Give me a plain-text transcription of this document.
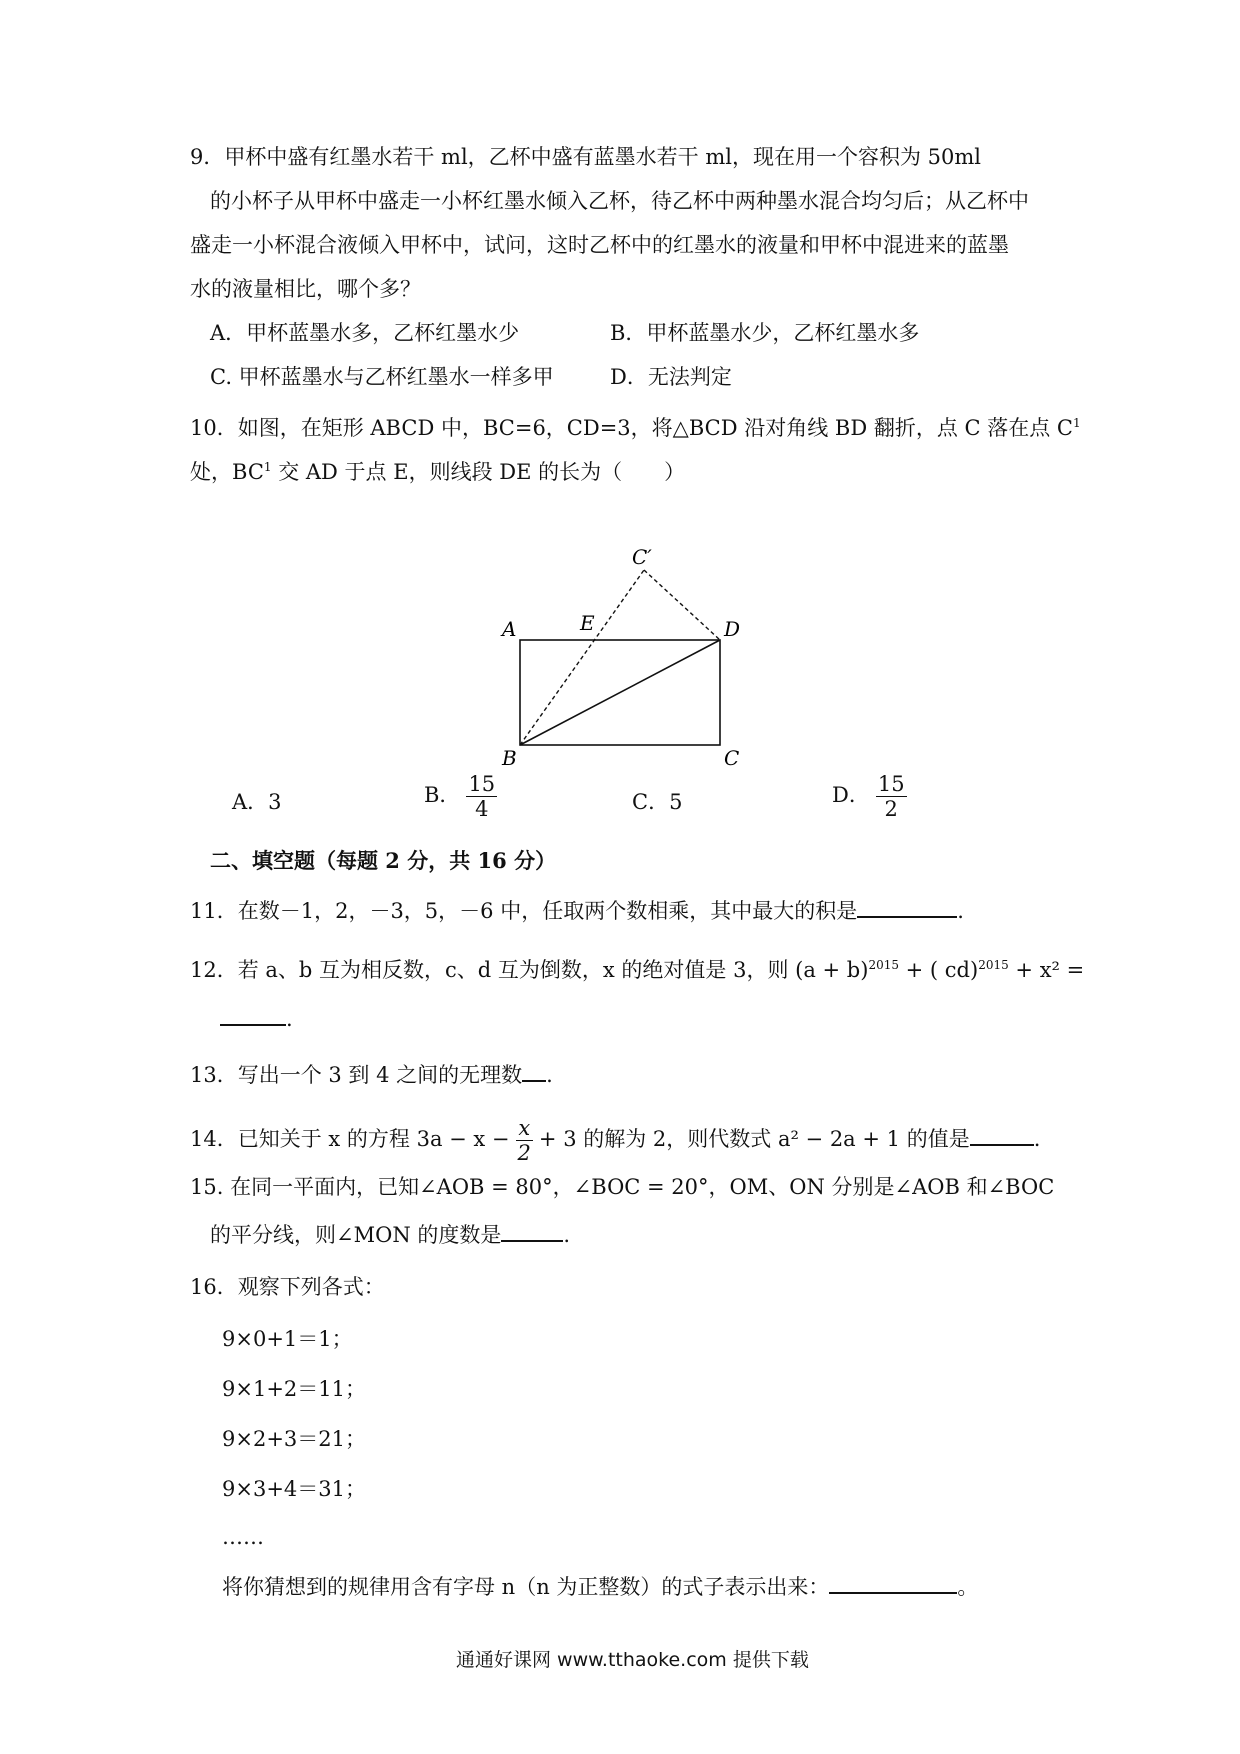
9．甲杯中盛有红墨水若干 ml，乙杯中盛有蓝墨水若干 ml，现在用一个容积为 50ml
的小杯子从甲杯中盛走一小杯红墨水倾入乙杯，待乙杯中两种墨水混合均匀后；从乙杯中
盛走一小杯混合液倾入甲杯中，试问，这时乙杯中的红墨水的液量和甲杯中混进来的蓝墨
水的液量相比，哪个多？
A．甲杯蓝墨水多，乙杯红墨水少	B．甲杯蓝墨水少，乙杯红墨水多
C. 甲杯蓝墨水与乙杯红墨水一样多甲	D．无法判定
10．如图，在矩形 ABCD 中，BC=6，CD=3，将△BCD 沿对角线 BD 翻折，点 C 落在点 $C^1$
处，$BC^1$ 交 AD 于点 E，则线段 DE 的长为（　　）
A	E
C′
D
B	C
A．3	B． $\frac{15}{4}$	C．5	D． $\frac{15}{2}$
二、填空题（每题 2 分，共 16 分）
11．在数－1，2，－3，5，－6 中，任取两个数相乘，其中最大的积是	.
12．若 a、b 互为相反数，c、d 互为倒数，x 的绝对值是 3，则 $(a + b)^{2015}$ + ( cd)$^{2015}$ + x² =
.
13．写出一个 3 到 4 之间的无理数 .
14．已知关于 x 的方程 $3a - x - \frac{x}{2} + 3$ 的解为 2，则代数式 a² − 2a + 1 的值是	.
15. 在同一平面内，已知∠AOB = 80°，∠BOC = 20°，OM、ON 分别是∠AOB 和∠BOC
的平分线，则∠MON 的度数是	.
16．观察下列各式：
9×0+1＝1；
9×1+2＝11；
9×2+3＝21；
9×3+4＝31；
……
将你猜想到的规律用含有字母 n（n 为正整数）的式子表示出来：	。
通通好课网 www.tthaoke.com 提供下载
